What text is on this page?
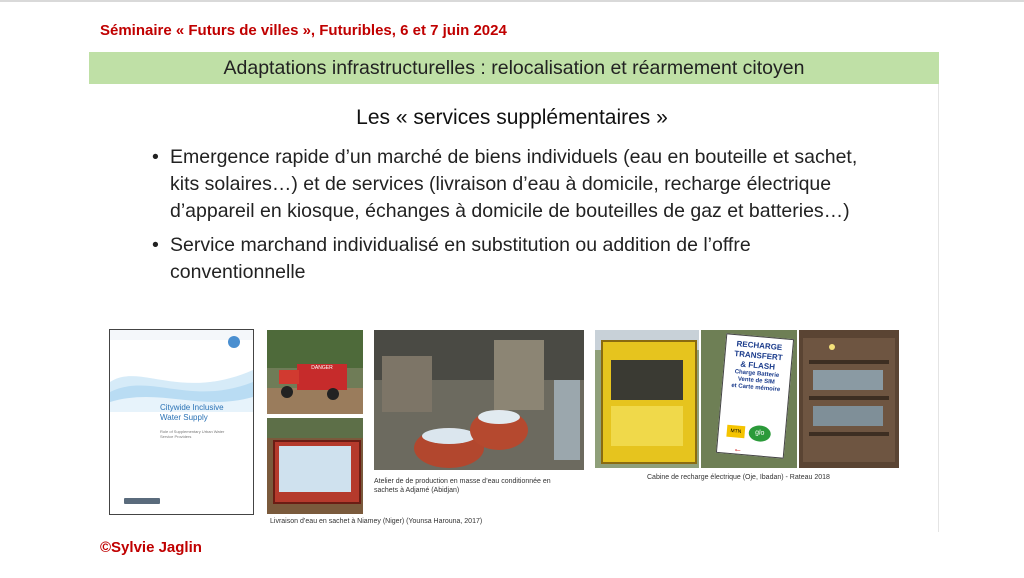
Séminaire « Futurs de villes », Futuribles, 6 et 7 juin 2024
Adaptations infrastructurelles : relocalisation et réarmement citoyen
Les « services supplémentaires »
• Emergence rapide d’un marché de biens individuels (eau en bouteille et sachet, kits solaires…) et de services (livraison d’eau à domicile, recharge électrique d’appareil en kiosque, échanges à domicile de bouteilles de gaz et batteries…)
• Service marchand individualisé en substitution ou addition de l’offre conventionnelle
Citywide Inclusive
Water Supply
Role of Supplementary Urban Water Service Providers
DANGER
RECHARGE
TRANSFERT
& FLASH
Charge Batterie
Vente de SIM
et Carte mémoire
MTN	glo
←
Atelier de de production en masse d’eau conditionnée en sachets à Adjamé (Abidjan)
Cabine de recharge électrique (Oje, Ibadan) - Rateau 2018
Livraison d’eau en sachet à Niamey (Niger) (Younsa Harouna, 2017)
©Sylvie Jaglin
